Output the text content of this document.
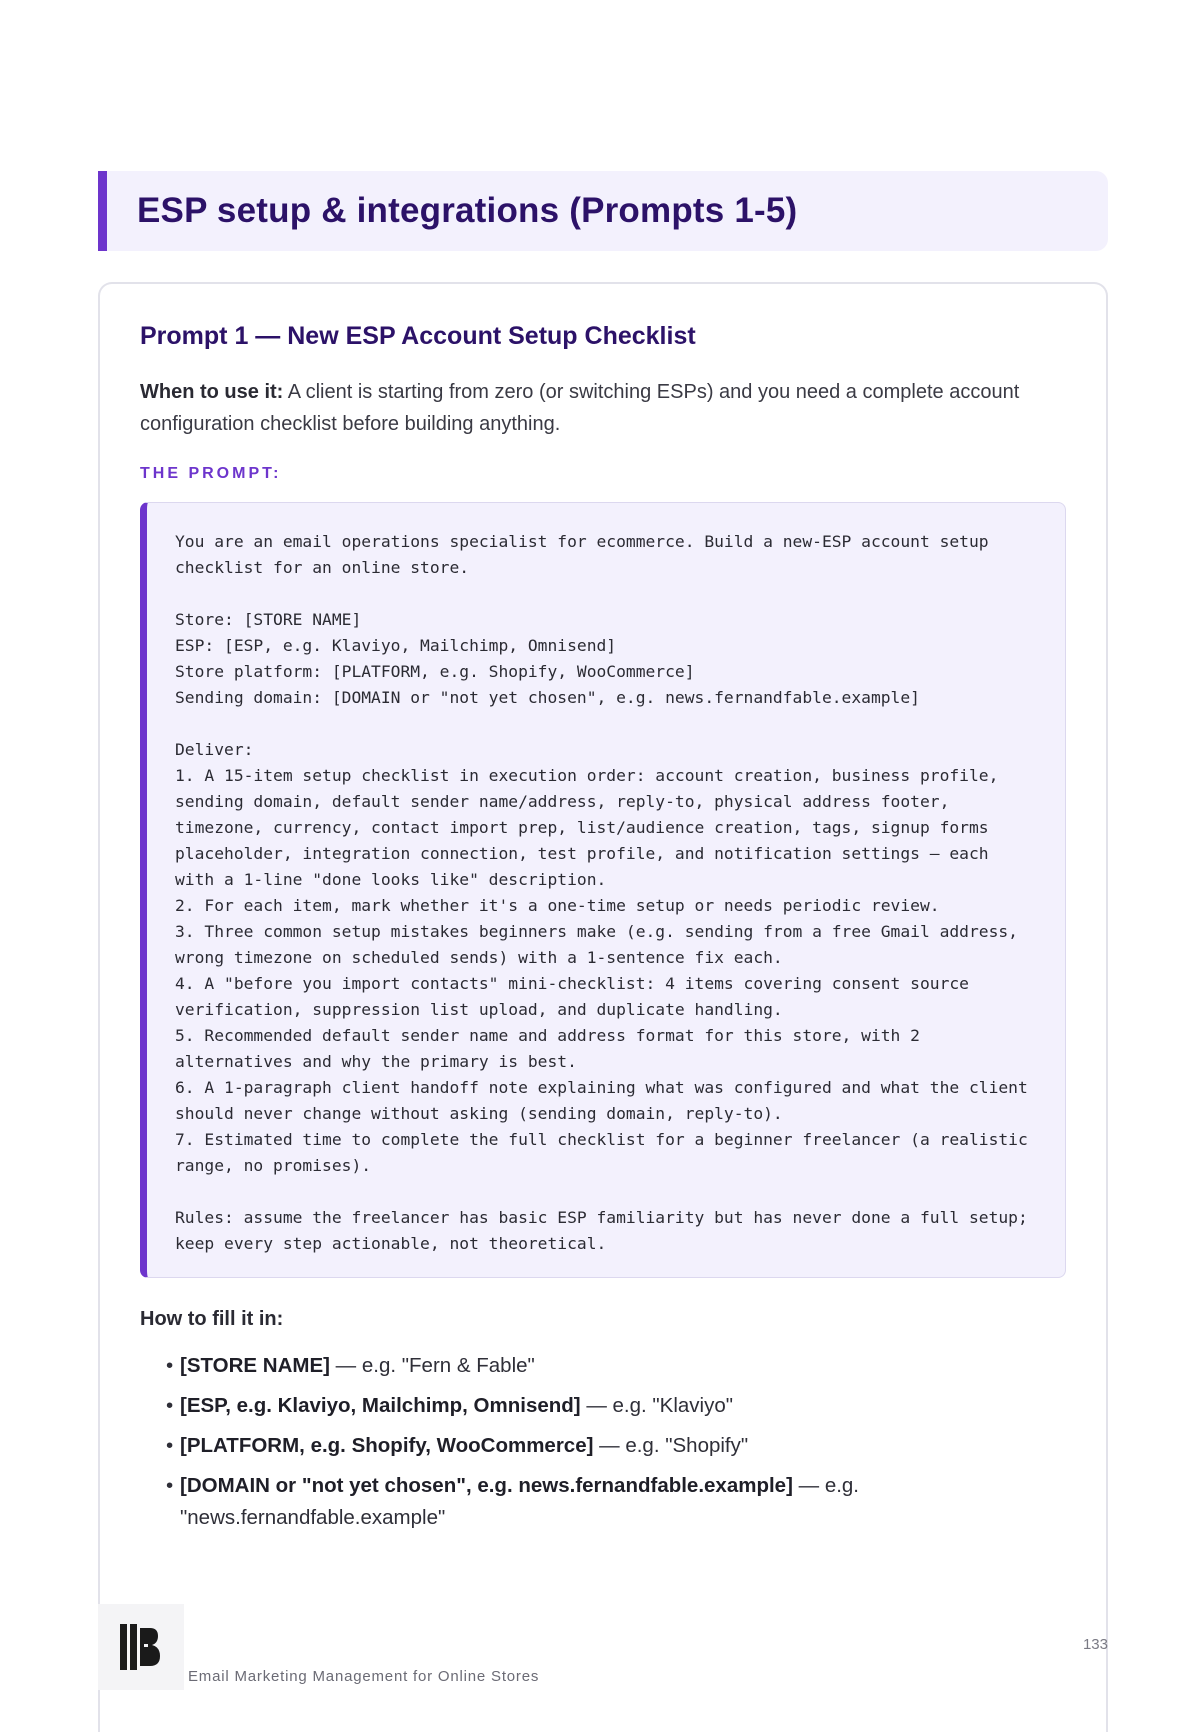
ESP setup & integrations (Prompts 1-5)
Prompt 1 — New ESP Account Setup Checklist

When to use it: A client is starting from zero (or switching ESPs) and you need a complete account configuration checklist before building anything.

THE PROMPT:

You are an email operations specialist for ecommerce. Build a new-ESP account setup
checklist for an online store.

Store: [STORE NAME]
ESP: [ESP, e.g. Klaviyo, Mailchimp, Omnisend]
Store platform: [PLATFORM, e.g. Shopify, WooCommerce]
Sending domain: [DOMAIN or "not yet chosen", e.g. news.fernandfable.example]

Deliver:
1. A 15-item setup checklist in execution order: account creation, business profile,
sending domain, default sender name/address, reply-to, physical address footer,
timezone, currency, contact import prep, list/audience creation, tags, signup forms
placeholder, integration connection, test profile, and notification settings — each
with a 1-line "done looks like" description.
2. For each item, mark whether it's a one-time setup or needs periodic review.
3. Three common setup mistakes beginners make (e.g. sending from a free Gmail address,
wrong timezone on scheduled sends) with a 1-sentence fix each.
4. A "before you import contacts" mini-checklist: 4 items covering consent source
verification, suppression list upload, and duplicate handling.
5. Recommended default sender name and address format for this store, with 2
alternatives and why the primary is best.
6. A 1-paragraph client handoff note explaining what was configured and what the client
should never change without asking (sending domain, reply-to).
7. Estimated time to complete the full checklist for a beginner freelancer (a realistic
range, no promises).

Rules: assume the freelancer has basic ESP familiarity but has never done a full setup;
keep every step actionable, not theoretical.

How to fill it in:

• [STORE NAME] — e.g. "Fern & Fable"
• [ESP, e.g. Klaviyo, Mailchimp, Omnisend] — e.g. "Klaviyo"
• [PLATFORM, e.g. Shopify, WooCommerce] — e.g. "Shopify"
• [DOMAIN or "not yet chosen", e.g. news.fernandfable.example] — e.g. "news.fernandfable.example"

Email Marketing Management for Online Stores

133
